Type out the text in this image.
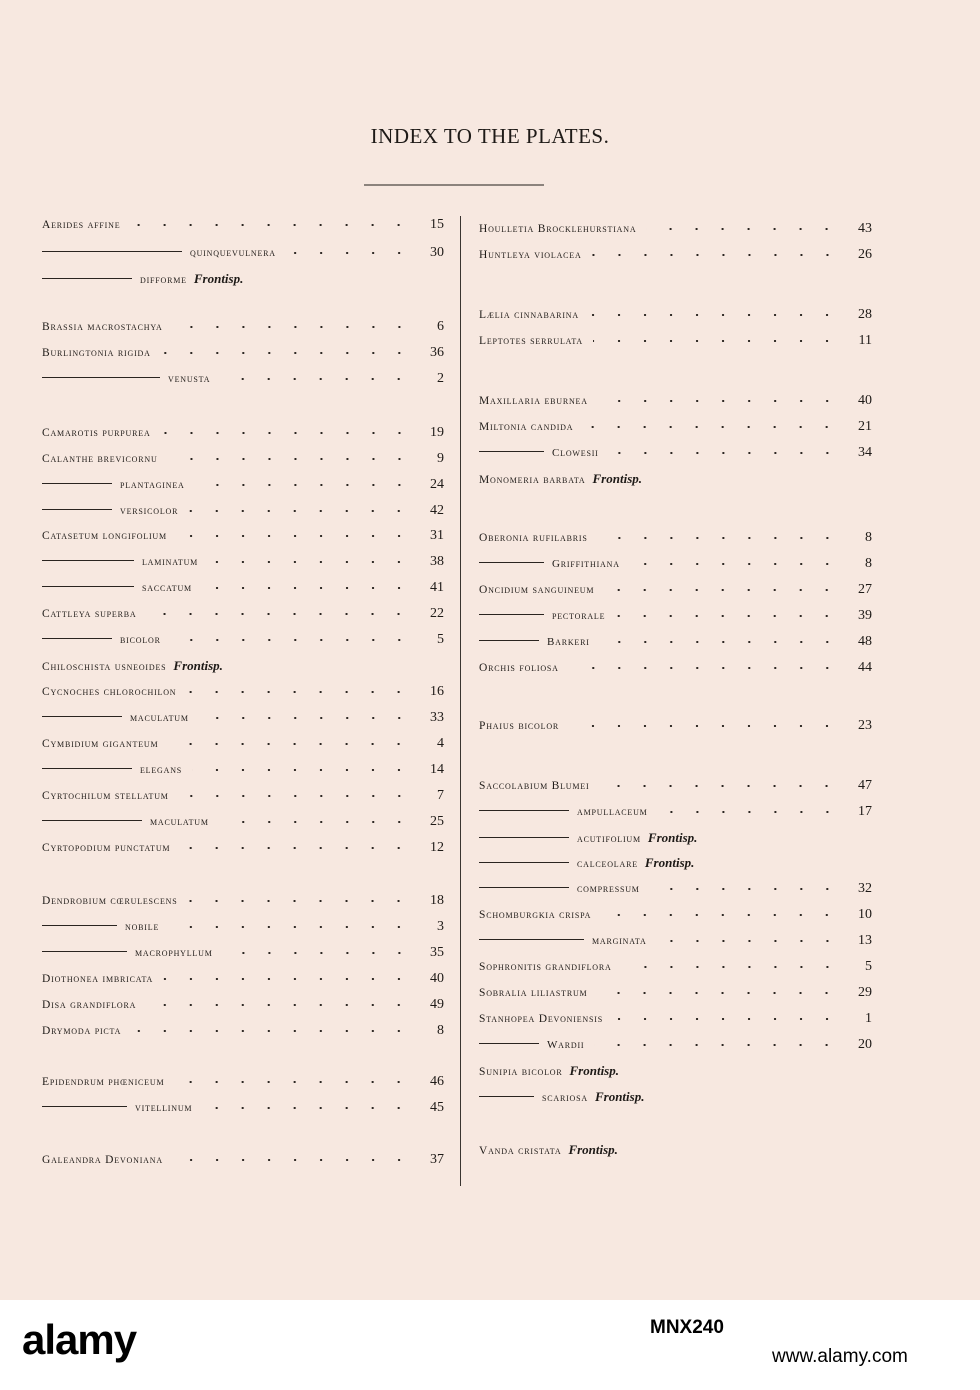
INDEX TO THE PLATES.
Aerides affine	15
quinquevulnera	30
difforme Frontisp.
Brassia macrostachya	6
Burlingtonia rigida	36
venusta	2
Camarotis purpurea	19
Calanthe brevicornu	9
plantaginea	24
versicolor	42
Catasetum longifolium	31
laminatum	38
saccatum	41
Cattleya superba	22
bicolor	5
Chiloschista usneoides Frontisp.
Cycnoches chlorochilon	16
maculatum	33
Cymbidium giganteum	4
elegans	14
Cyrtochilum stellatum	7
maculatum	25
Cyrtopodium punctatum	12
Dendrobium cœrulescens	18
nobile	3
macrophyllum	35
Diothonea imbricata	40
Disa grandiflora	49
Drymoda picta	8
Epidendrum phœniceum	46
vitellinum	45
Galeandra Devoniana	37
Houlletia Brocklehurstiana	43
Huntleya violacea	26
Lælia cinnabarina	28
Leptotes serrulata	11
Maxillaria eburnea	40
Miltonia candida	21
Clowesii	34
Monomeria barbata Frontisp.
Oberonia rufilabris	8
Griffithiana	8
Oncidium sanguineum	27
pectorale	39
Barkeri	48
Orchis foliosa	44
Phaius bicolor	23
Saccolabium Blumei	47
ampullaceum	17
acutifolium Frontisp.
calceolare Frontisp.
compressum	32
Schomburgkia crispa	10
marginata	13
Sophronitis grandiflora	5
Sobralia liliastrum	29
Stanhopea Devoniensis	1
Wardii	20
Sunipia bicolor Frontisp.
scariosa Frontisp.
Vanda cristata Frontisp.
alamy	MNX240
www.alamy.com
